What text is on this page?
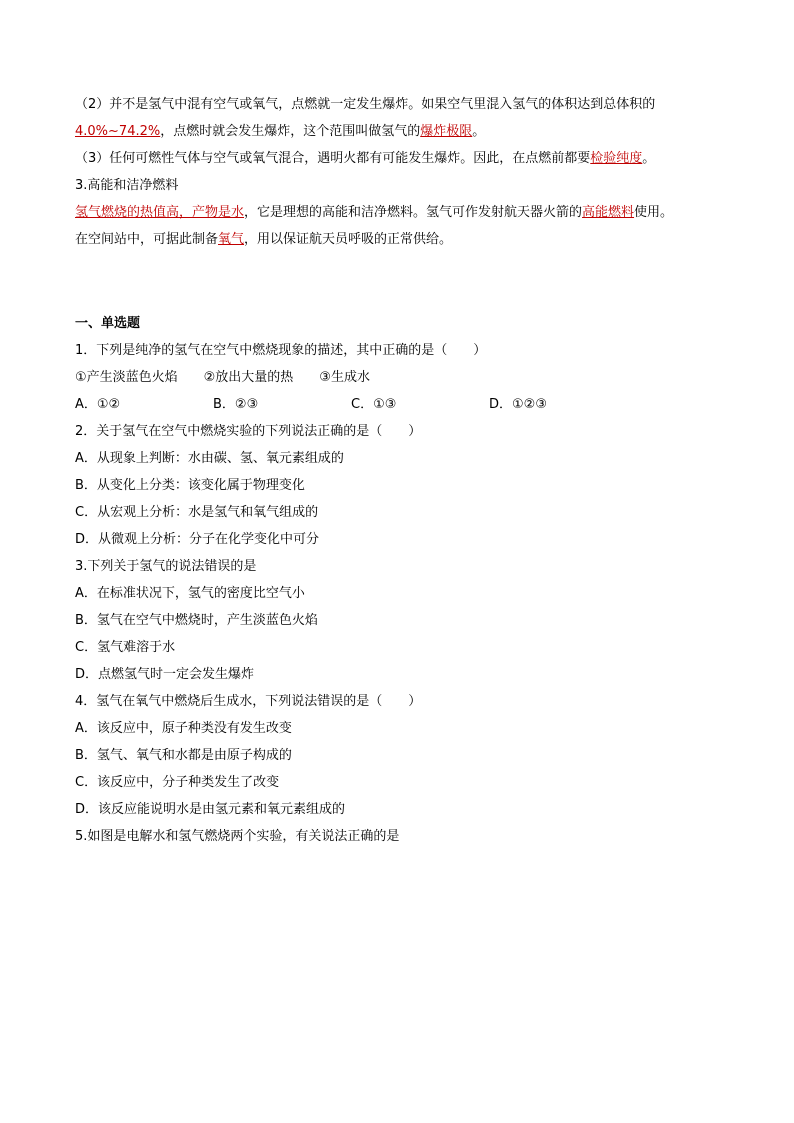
（2）并不是氢气中混有空气或氧气，点燃就一定发生爆炸。如果空气里混入氢气的体积达到总体积的
4.0%~74.2%，点燃时就会发生爆炸，这个范围叫做氢气的爆炸极限。
（3）任何可燃性气体与空气或氧气混合，遇明火都有可能发生爆炸。因此，在点燃前都要检验纯度。
3.高能和洁净燃料
氢气燃烧的热值高，产物是水，它是理想的高能和洁净燃料。氢气可作发射航天器火箭的高能燃料使用。
在空间站中，可据此制备氧气，用以保证航天员呼吸的正常供给。
一、单选题
1．下列是纯净的氢气在空气中燃烧现象的描述，其中正确的是（　　）
①产生淡蓝色火焰　　②放出大量的热　　③生成水
A．①②	B．②③	C．①③	D．①②③
2．关于氢气在空气中燃烧实验的下列说法正确的是（　　）
A．从现象上判断：水由碳、氢、氧元素组成的
B．从变化上分类：该变化属于物理变化
C．从宏观上分析：水是氢气和氧气组成的
D．从微观上分析：分子在化学变化中可分
3.下列关于氢气的说法错误的是
A．在标准状况下，氢气的密度比空气小
B．氢气在空气中燃烧时，产生淡蓝色火焰
C．氢气难溶于水
D．点燃氢气时一定会发生爆炸
4．氢气在氧气中燃烧后生成水，下列说法错误的是（　　）
A．该反应中，原子种类没有发生改变
B．氢气、氧气和水都是由原子构成的
C．该反应中，分子种类发生了改变
D．该反应能说明水是由氢元素和氧元素组成的
5.如图是电解水和氢气燃烧两个实验，有关说法正确的是
